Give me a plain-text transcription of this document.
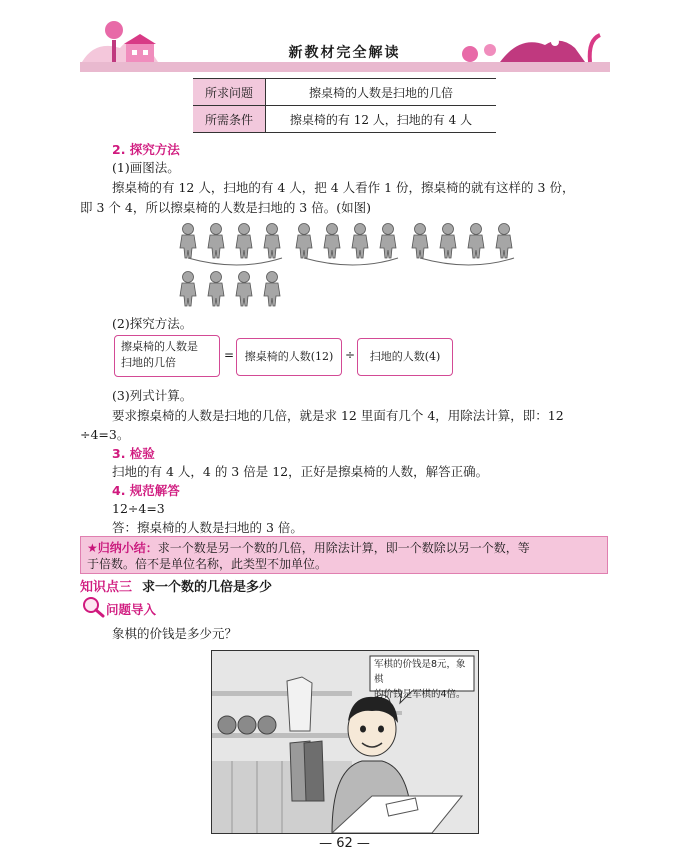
新教材完全解读
所求问题	擦桌椅的人数是扫地的几倍
所需条件	擦桌椅的有 12 人，扫地的有 4 人
2. 探究方法
(1)画图法。
擦桌椅的有 12 人，扫地的有 4 人，把 4 人看作 1 份，擦桌椅的就有这样的 3 份，
即 3 个 4，所以擦桌椅的人数是扫地的 3 倍。(如图)
(2)探究方法。
擦桌椅的人数是
扫地的几倍
= 擦桌椅的人数(12) ÷	扫地的人数(4)
(3)列式计算。
要求擦桌椅的人数是扫地的几倍，就是求 12 里面有几个 4，用除法计算，即：12
÷4=3。
3. 检验
扫地的有 4 人，4 的 3 倍是 12，正好是擦桌椅的人数，解答正确。
4. 规范解答
12÷4=3
答：擦桌椅的人数是扫地的 3 倍。
★归纳小结：求一个数是另一个数的几倍，用除法计算，即一个数除以另一个数，等
于倍数。倍不是单位名称，此类型不加单位。
知识点三 求一个数的几倍是多少
问题导入
象棋的价钱是多少元？
军棋的价钱是8元，象棋
的价钱是军棋的4倍。
— 62 —
